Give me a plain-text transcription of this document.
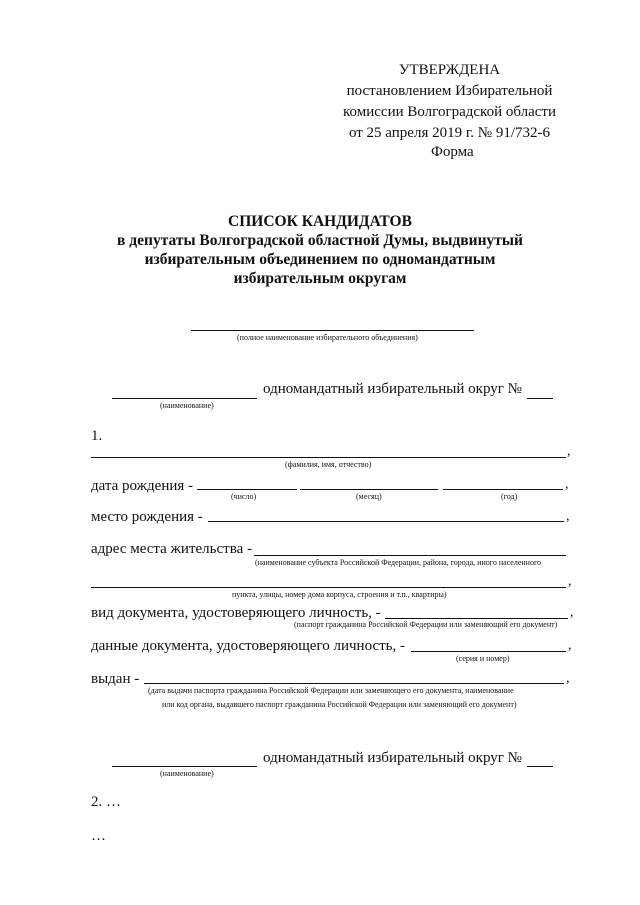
УТВЕРЖДЕНА
постановлением Избирательной
комиссии Волгоградской области
от 25 апреля 2019 г. № 91/732-6
Форма
СПИСОК КАНДИДАТОВ
в депутаты Волгоградской областной Думы, выдвинутый
избирательным объединением по одномандатным
избирательным округам
(полное наименование избирательного объединения)
(наименование)
одномандатный избирательный округ №
1.
,
(фамилия, имя, отчество)
дата рождения -	,
(число)	(месяц)	(год)
место рождения -	,
адрес места жительства -
(наименование субъекта Российской Федерации, района, города, иного населенного
,
пункта, улицы, номер дома корпуса, строения и т.п., квартиры)
вид документа, удостоверяющего личность, -	,
(паспорт гражданина Российской Федерации или заменяющий его документ)
данные документа, удостоверяющего личность, -	,
(серия и номер)
выдан -	,
(дата выдачи паспорта гражданина Российской Федерации или заменяющего его документа, наименование
или код органа, выдавшего паспорт гражданина Российской Федерации или заменяющий его документ)
(наименование)
одномандатный избирательный округ №
2. …
…
